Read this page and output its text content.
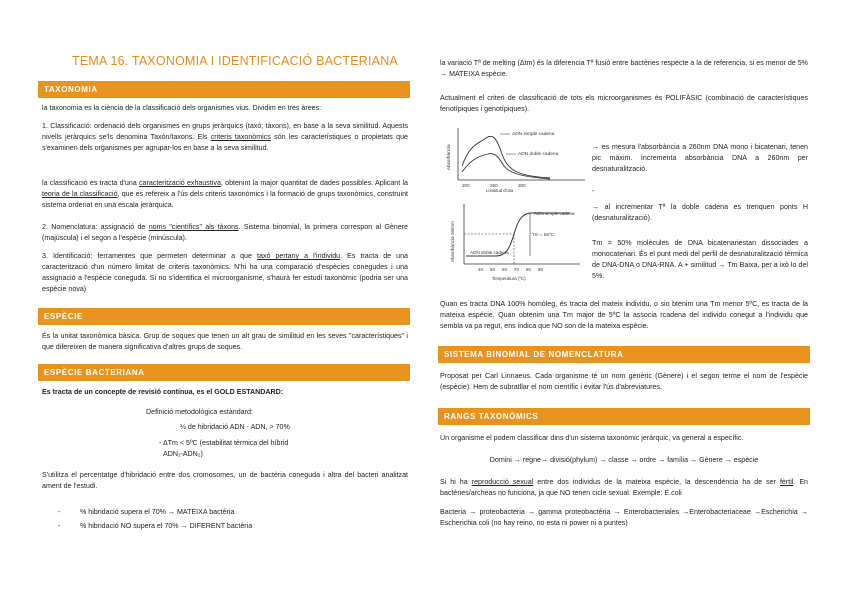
TEMA 16. TAXONOMIA I IDENTIFICACIÓ BACTERIANA
TAXONOMIA

la taxonomia es la ciència de la classificació dels organismes vius. Dividim en tres àrees:

1. Classificació: ordenació dels organismes en grups jeràrquics (taxó; tàxons), en base a la seva similitud. Aquests nivells jeràrquics se'ls denomina Taxón/taxons. Els criteris taxonòmics són les característiques o propietats que s'examinen dels organismes per agrupar-los en base a la seva similitud.

la classificació es tracta d'una caracterització exhaustiva, obtenint la major quantitat de dades possibles. Aplicant la teoria de la classificació, que es refereix a l'ús dels criteris taxonòmics i la formació de grups taxonòmics, construint sistema ordenat en una escala jeràrquica.

2. Nomenclatura: assignació de noms "científics" als tàxons. Sistema binomial, la primera correspon al Gènere (majúscula) i el segon a l'espècie (minúscula).

3. Identificació: ferramentes que permeten determinar a que taxó pertany a l'individu. Es tracta de una caracterització d'un número limitat de criteris taxonòmics. N'hi ha una comparació d'espècies conegudes i una assignació a l'espècie coneguda. Si no s'identifica el microorganisme, s'haurà fer estudi taxonòmic (podria ser una espècie nova)

ESPÈCIE

És la unitat taxonòmica bàsica. Grup de soques que tenen un alt grau de similitud en les seves "característiques" i que difereixen de manera significativa d'altres grups de soques.

ESPÈCIE BACTERIANA

Es tracta de un concepte de revisió contínua, es el GOLD ESTANDARD:

Definició metodològica estàndard:
½ de hibridació ADN - ADN, > 70%
- ΔTm < 5ºC (estabilitat tèrmica del híbrid
ADN₁-ADN₂)

S'utilitza el percentatge d'hibridació entre dos cromosomes, un de bactèria coneguda i altra del bacteri analitzat ament de l'estudi.

-	% hibridació supera el 70% → MATEIXA bactèria
-	% hibridació NO supera el 70% → DIFERENT bactèria

la variació Tª de melting (Δtm) és la diferencia Tª fusió entre bactèries respecte a la de referencia, si es menor de 5% → MATEIXA espècie.

Actualment el criteri de classificació de tots els microorganismes és POLIFÀSIC (combinació de característiques fenotípiques i genotípiques).

Absorbància
ADN simple cadena
ADN doble cadena
200	250	300
Longitud d'ona

→ es mesura l'absorbància a 260nm DNA mono i bicatenari, tenen pic màxim. Incrementa absorbància DNA a 260nm per desnaturalització.

-
Absorbància 260nm
ADN simple cadena
Tm = 56ºC
ADN doble cadena
40 50 60 70 80 90
Temperatura (ºC)

→ al incrementar Tª la doble cadena es trenquen ponts H (desnaturalització).

Tm = 50% molècules de DNA bicatenariestan dissociades a monocatenari. És el punt medi del perfil de desnaturalització tèrmica de DNA-DNA o DNA-RNA. A + similitud → Tm Baixa, per a ixò lo del 5%.

Quan es tracta DNA 100% homòleg, és tracta del mateix individu, o sio btenim una Tm menor 5ºC, es tracta de la mateixa espècie. Quan obtenim una Tm major de 5ºC la associa rcadena del individu conegut a l'individu que sembla va pa regut, ens indica que NO son de la mateixa espècie.

SISTEMA BINOMIAL DE NOMENCLATURA

Proposat per Carl Linnaeus. Cada organisme té un nom genèric (Gènere) i el segon terme el nom de l'espècie (espècie). Hem de subratllar el nom científic i evitar l'ús d'abreviatures.

RANGS TAXONÒMICS

Un organisme el podem classificar dins d'un sistema taxonòmic jeràrquic, va general a específic.

Domini → regne→ divisió(phylum) → classe → ordre → família → Gènere → espècie

Si hi ha reproducció sexual entre dos individus de la mateixa espècie, la descendència ha de ser fèrtil. En bactèries/archeas no funciona, ja que NO tenen cicle sexual. Exemple: E.coli

Bacteria → proteobacteria → gamma proteobactèria → Enterobacteriales →Enterobacteriaceae →Escherichia → Escherichia coli (no hay reino, no esta ni power ni a puntes)
